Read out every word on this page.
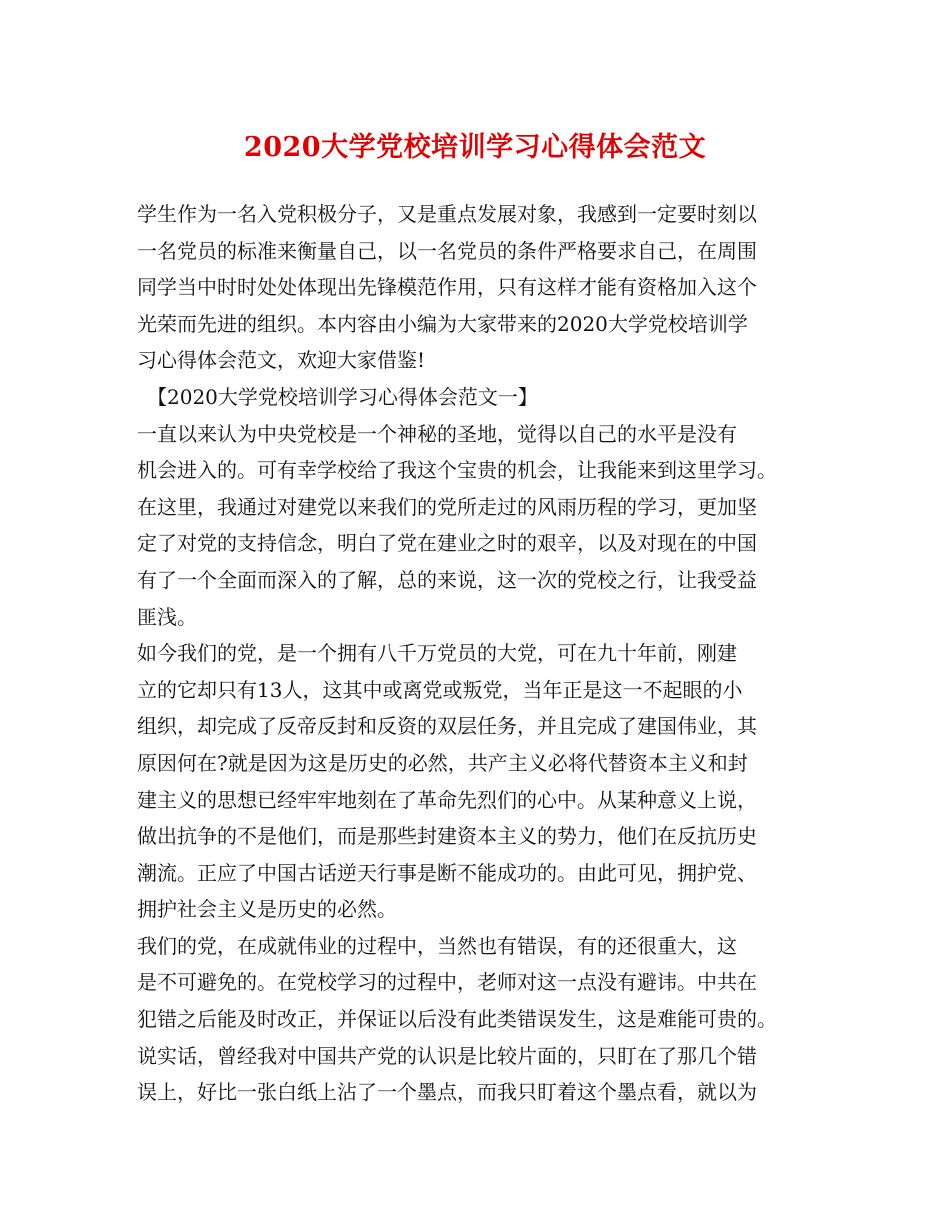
2020大学党校培训学习心得体会范文
学生作为一名入党积极分子，又是重点发展对象，我感到一定要时刻以
一名党员的标准来衡量自己，以一名党员的条件严格要求自己，在周围
同学当中时时处处体现出先锋模范作用，只有这样才能有资格加入这个
光荣而先进的组织。本内容由小编为大家带来的2020大学党校培训学
习心得体会范文，欢迎大家借鉴!
　【2020大学党校培训学习心得体会范文一】
一直以来认为中央党校是一个神秘的圣地，觉得以自己的水平是没有
机会进入的。可有幸学校给了我这个宝贵的机会，让我能来到这里学习。
在这里，我通过对建党以来我们的党所走过的风雨历程的学习，更加坚
定了对党的支持信念，明白了党在建业之时的艰辛，以及对现在的中国
有了一个全面而深入的了解，总的来说，这一次的党校之行，让我受益
匪浅。
如今我们的党，是一个拥有八千万党员的大党，可在九十年前，刚建
立的它却只有13人，这其中或离党或叛党，当年正是这一不起眼的小
组织，却完成了反帝反封和反资的双层任务，并且完成了建国伟业，其
原因何在?就是因为这是历史的必然，共产主义必将代替资本主义和封
建主义的思想已经牢牢地刻在了革命先烈们的心中。从某种意义上说，
做出抗争的不是他们，而是那些封建资本主义的势力，他们在反抗历史
潮流。正应了中国古话逆天行事是断不能成功的。由此可见，拥护党、
拥护社会主义是历史的必然。
我们的党，在成就伟业的过程中，当然也有错误，有的还很重大，这
是不可避免的。在党校学习的过程中，老师对这一点没有避讳。中共在
犯错之后能及时改正，并保证以后没有此类错误发生，这是难能可贵的。
说实话，曾经我对中国共产党的认识是比较片面的，只盯在了那几个错
误上，好比一张白纸上沾了一个墨点，而我只盯着这个墨点看，就以为
